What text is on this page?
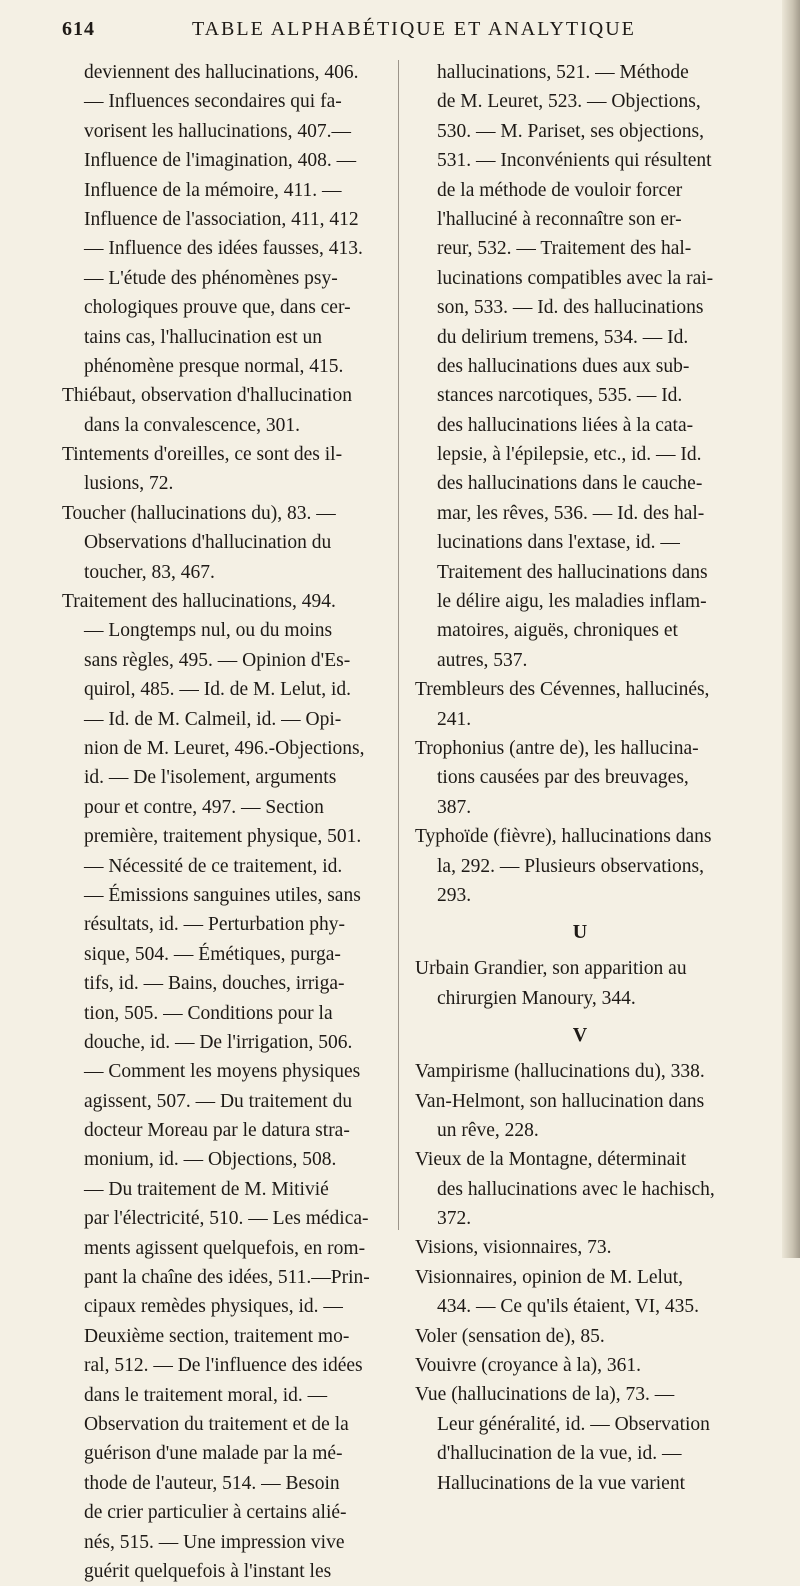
614	TABLE ALPHABÉTIQUE ET ANALYTIQUE
deviennent des hallucinations, 406.
— Influences secondaires qui fa-
vorisent les hallucinations, 407.—
Influence de l'imagination, 408. —
Influence de la mémoire, 411. —
Influence de l'association, 411, 412
— Influence des idées fausses, 413.
— L'étude des phénomènes psy-
chologiques prouve que, dans cer-
tains cas, l'hallucination est un
phénomène presque normal, 415.
Thiébaut, observation d'hallucination
dans la convalescence, 301.
Tintements d'oreilles, ce sont des il-
lusions, 72.
Toucher (hallucinations du), 83. —
Observations d'hallucination du
toucher, 83, 467.
Traitement des hallucinations, 494.
— Longtemps nul, ou du moins
sans règles, 495. — Opinion d'Es-
quirol, 485. — Id. de M. Lelut, id.
— Id. de M. Calmeil, id. — Opi-
nion de M. Leuret, 496.-Objections,
id. — De l'isolement, arguments
pour et contre, 497. — Section
première, traitement physique, 501.
— Nécessité de ce traitement, id.
— Émissions sanguines utiles, sans
résultats, id. — Perturbation phy-
sique, 504. — Émétiques, purga-
tifs, id. — Bains, douches, irriga-
tion, 505. — Conditions pour la
douche, id. — De l'irrigation, 506.
— Comment les moyens physiques
agissent, 507. — Du traitement du
docteur Moreau par le datura stra-
monium, id. — Objections, 508.
— Du traitement de M. Mitivié
par l'électricité, 510. — Les médica-
ments agissent quelquefois, en rom-
pant la chaîne des idées, 511.—Prin-
cipaux remèdes physiques, id. —
Deuxième section, traitement mo-
ral, 512. — De l'influence des idées
dans le traitement moral, id. —
Observation du traitement et de la
guérison d'une malade par la mé-
thode de l'auteur, 514. — Besoin
de crier particulier à certains alié-
nés, 515. — Une impression vive
guérit quelquefois à l'instant les
hallucinations, 521. — Méthode
de M. Leuret, 523. — Objections,
530. — M. Pariset, ses objections,
531. — Inconvénients qui résultent
de la méthode de vouloir forcer
l'halluciné à reconnaître son er-
reur, 532. — Traitement des hal-
lucinations compatibles avec la rai-
son, 533. — Id. des hallucinations
du delirium tremens, 534. — Id.
des hallucinations dues aux sub-
stances narcotiques, 535. — Id.
des hallucinations liées à la cata-
lepsie, à l'épilepsie, etc., id. — Id.
des hallucinations dans le cauche-
mar, les rêves, 536. — Id. des hal-
lucinations dans l'extase, id. —
Traitement des hallucinations dans
le délire aigu, les maladies inflam-
matoires, aiguës, chroniques et
autres, 537.
Trembleurs des Cévennes, hallucinés,
241.
Trophonius (antre de), les hallucina-
tions causées par des breuvages,
387.
Typhoïde (fièvre), hallucinations dans
la, 292. — Plusieurs observations,
293.
U
Urbain Grandier, son apparition au
chirurgien Manoury, 344.
V
Vampirisme (hallucinations du), 338.
Van-Helmont, son hallucination dans
un rêve, 228.
Vieux de la Montagne, déterminait
des hallucinations avec le hachisch,
372.
Visions, visionnaires, 73.
Visionnaires, opinion de M. Lelut,
434. — Ce qu'ils étaient, VI, 435.
Voler (sensation de), 85.
Vouivre (croyance à la), 361.
Vue (hallucinations de la), 73. —
Leur généralité, id. — Observation
d'hallucination de la vue, id. —
Hallucinations de la vue varient
